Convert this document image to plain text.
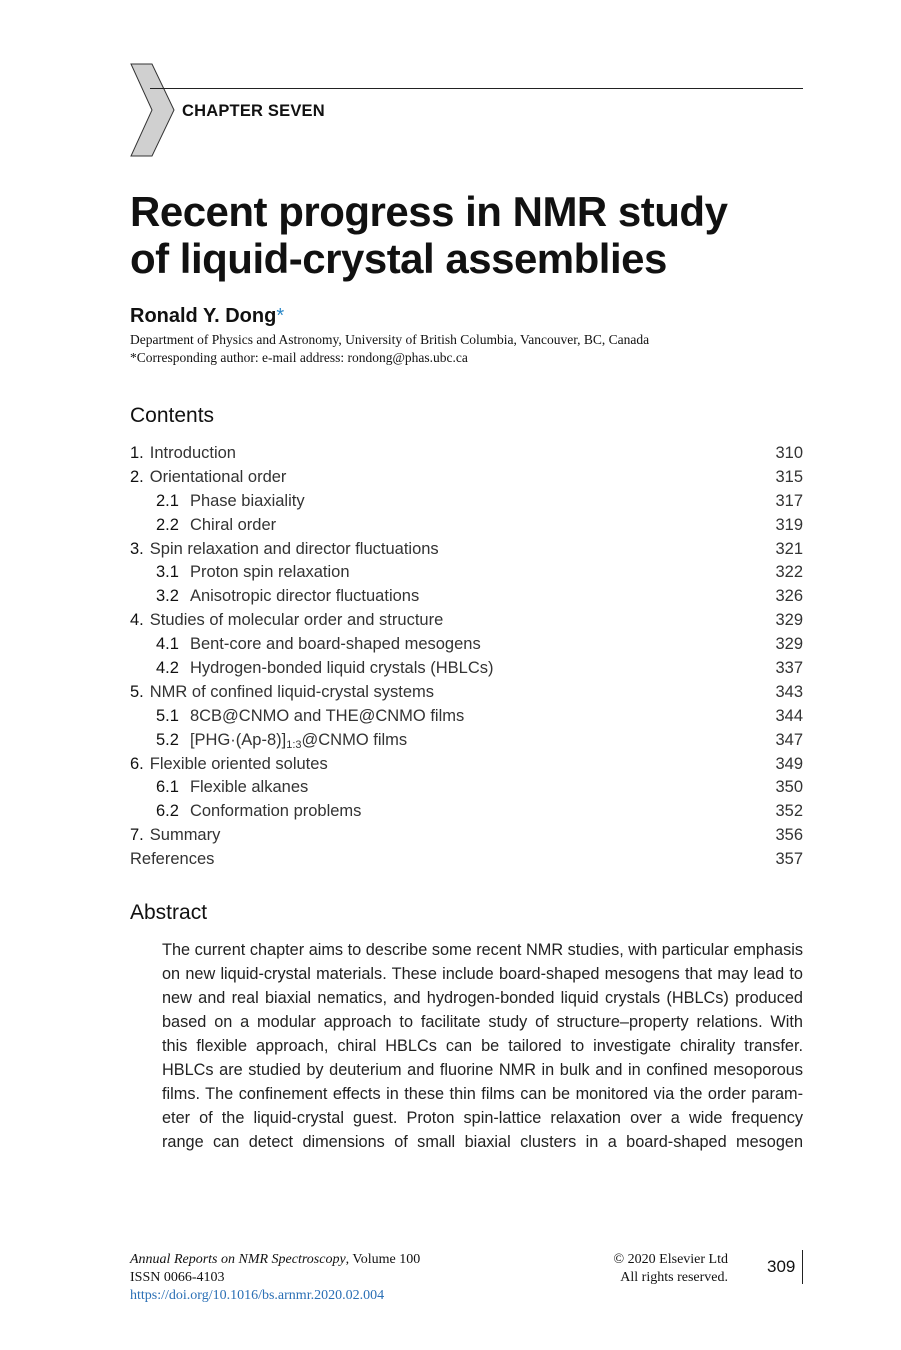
CHAPTER SEVEN
Recent progress in NMR study
of liquid-crystal assemblies
Ronald Y. Dong*
Department of Physics and Astronomy, University of British Columbia, Vancouver, BC, Canada
*Corresponding author: e-mail address: rondong@phas.ubc.ca
Contents
1. Introduction	310
2. Orientational order	315
2.1 Phase biaxiality	317
2.2 Chiral order	319
3. Spin relaxation and director fluctuations	321
3.1 Proton spin relaxation	322
3.2 Anisotropic director fluctuations	326
4. Studies of molecular order and structure	329
4.1 Bent-core and board-shaped mesogens	329
4.2 Hydrogen-bonded liquid crystals (HBLCs)	337
5. NMR of confined liquid-crystal systems	343
5.1 8CB@CNMO and THE@CNMO films	344
5.2 $[PHG\cdot(Ap-8)]_{1:3}@CNMO$ films	347
6. Flexible oriented solutes	349
6.1 Flexible alkanes	350
6.2 Conformation problems	352
7. Summary	356
References	357
Abstract
The current chapter aims to describe some recent NMR studies, with particular emphasis
on new liquid-crystal materials. These include board-shaped mesogens that may lead to
new and real biaxial nematics, and hydrogen-bonded liquid crystals (HBLCs) produced
based on a modular approach to facilitate study of structure–property relations. With
this flexible approach, chiral HBLCs can be tailored to investigate chirality transfer.
HBLCs are studied by deuterium and fluorine NMR in bulk and in confined mesoporous
films. The confinement effects in these thin films can be monitored via the order param-
eter of the liquid-crystal guest. Proton spin-lattice relaxation over a wide frequency
range can detect dimensions of small biaxial clusters in a board-shaped mesogen
Annual Reports on NMR Spectroscopy, Volume 100
ISSN 0066-4103
https://doi.org/10.1016/bs.arnmr.2020.02.004
© 2020 Elsevier Ltd
All rights reserved.
309
